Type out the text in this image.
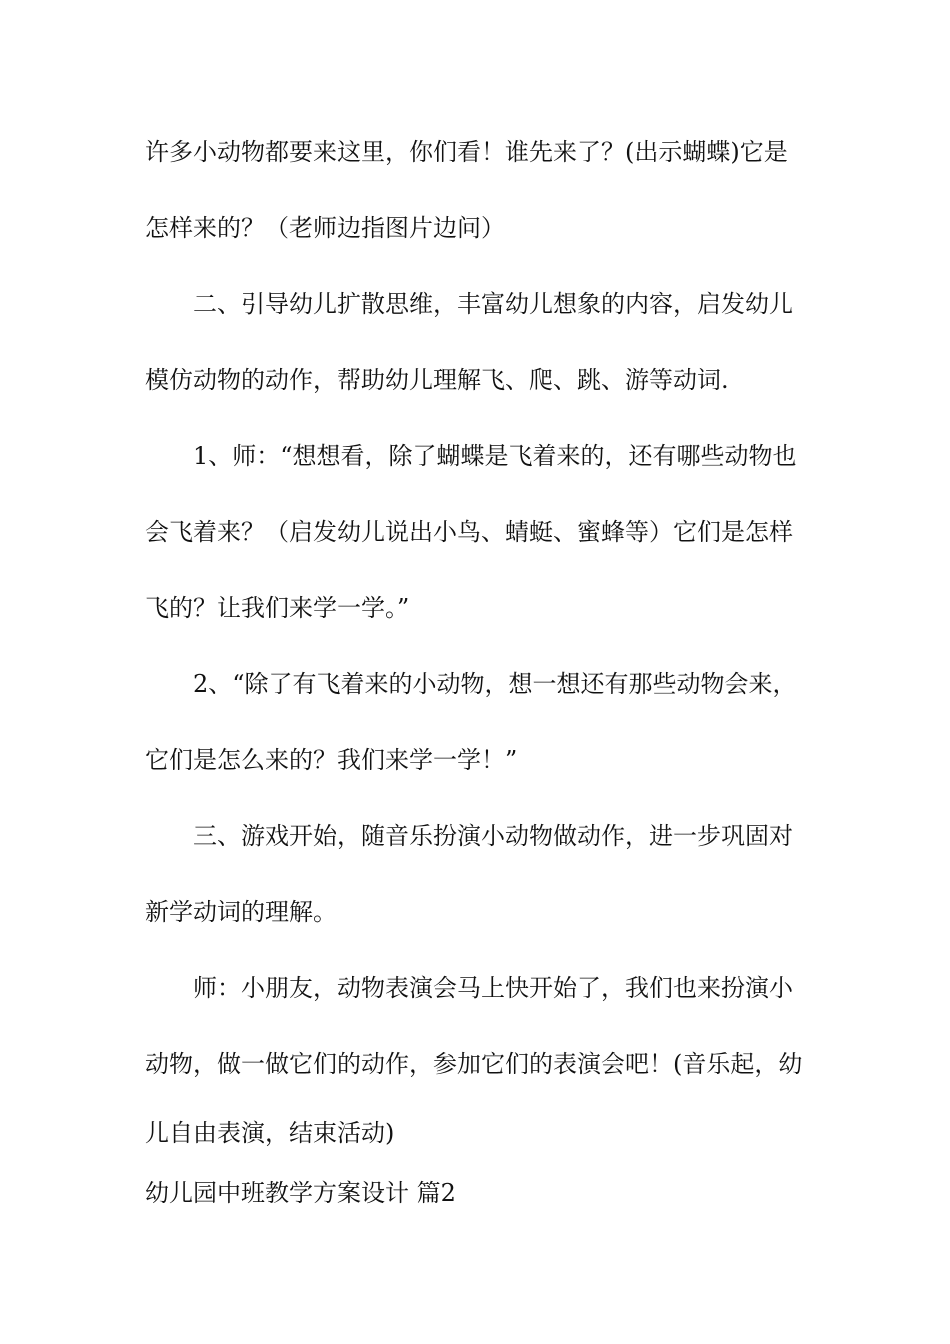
许多小动物都要来这里，你们看！谁先来了？(出示蝴蝶)它是
怎样来的？（老师边指图片边问）
二、引导幼儿扩散思维，丰富幼儿想象的内容，启发幼儿
模仿动物的动作，帮助幼儿理解飞、爬、跳、游等动词.
1、师：“想想看，除了蝴蝶是飞着来的，还有哪些动物也
会飞着来？（启发幼儿说出小鸟、蜻蜓、蜜蜂等）它们是怎样
飞的？让我们来学一学。”
2、“除了有飞着来的小动物，想一想还有那些动物会来，
它们是怎么来的？我们来学一学！”
三、游戏开始，随音乐扮演小动物做动作，进一步巩固对
新学动词的理解。
师：小朋友，动物表演会马上快开始了，我们也来扮演小
动物，做一做它们的动作，参加它们的表演会吧！(音乐起，幼
儿自由表演，结束活动)
幼儿园中班教学方案设计 篇2
